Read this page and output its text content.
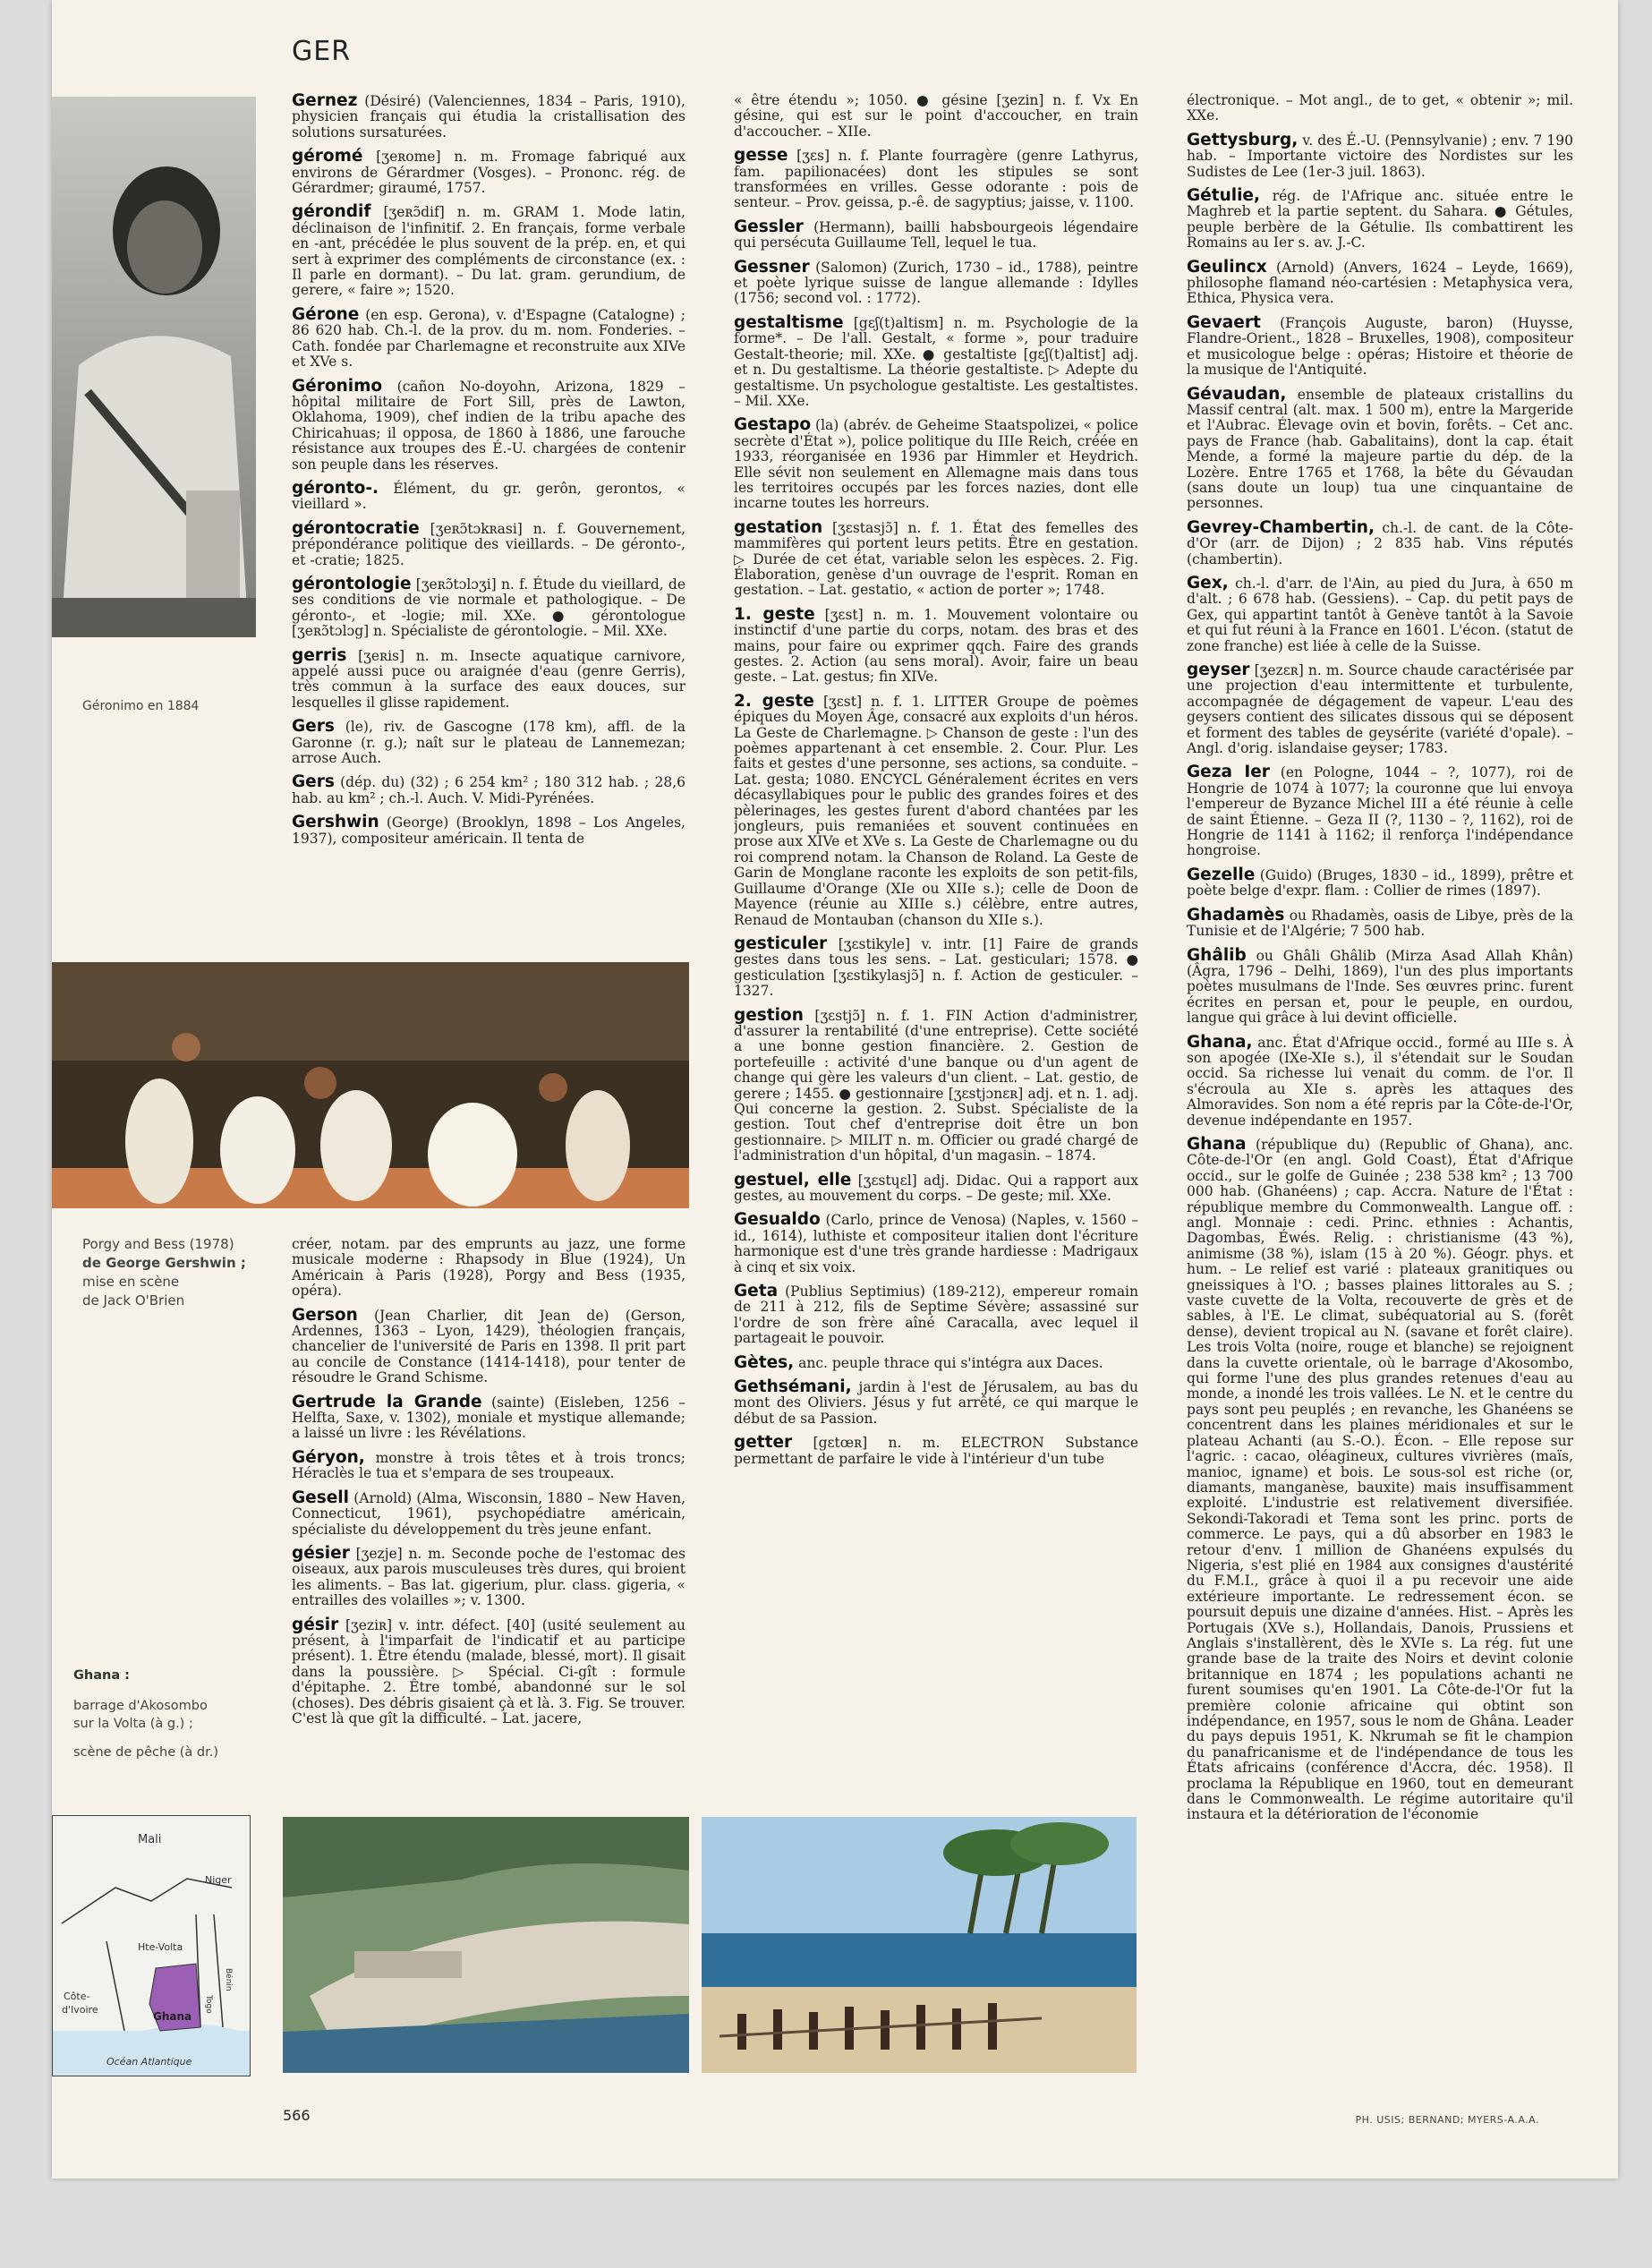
GER
Géronimo en 1884
Porgy and Bess (1978)
de George Gershwin ;
mise en scène
de Jack O'Brien
Ghana :
barrage d'Akosombo
sur la Volta (à g.) ;
scène de pêche (à dr.)
Mali
Niger
Hte-Volta
Côte-
d'Ivoire
Ghana
Togo
Bénin
Océan Atlantique

Gernez (Désiré) (Valenciennes, 1834 – Paris, 1910), physicien français qui étudia la cristallisation des solutions sursaturées.

géromé [ʒeʀome] n. m. Fromage fabriqué aux environs de Gérardmer (Vosges). – Prononc. rég. de Gérardmer; giraumé, 1757.

gérondif [ʒeʀɔ̃dif] n. m. GRAM 1. Mode latin, déclinaison de l'infinitif. 2. En français, forme verbale en -ant, précédée le plus souvent de la prép. en, et qui sert à exprimer des compléments de circonstance (ex. : Il parle en dormant). – Du lat. gram. gerundium, de gerere, « faire »; 1520.

Gérone (en esp. Gerona), v. d'Espagne (Catalogne) ; 86 620 hab. Ch.-l. de la prov. du m. nom. Fonderies. – Cath. fondée par Charlemagne et reconstruite aux XIVe et XVe s.

Géronimo (cañon No-doyohn, Arizona, 1829 – hôpital militaire de Fort Sill, près de Lawton, Oklahoma, 1909), chef indien de la tribu apache des Chiricahuas; il opposa, de 1860 à 1886, une farouche résistance aux troupes des É.-U. chargées de contenir son peuple dans les réserves.

géronto-. Élément, du gr. gerôn, gerontos, « vieillard ».

gérontocratie [ʒeʀɔ̃tɔkʀasi] n. f. Gouvernement, prépondérance politique des vieillards. – De géronto-, et -cratie; 1825.

gérontologie [ʒeʀɔ̃tɔlɔʒi] n. f. Étude du vieillard, de ses conditions de vie normale et pathologique. – De géronto-, et -logie; mil. XXe. ● gérontologue [ʒeʀɔ̃tɔlɔg] n. Spécialiste de gérontologie. – Mil. XXe.

gerris [ʒeʀis] n. m. Insecte aquatique carnivore, appelé aussi puce ou araignée d'eau (genre Gerris), très commun à la surface des eaux douces, sur lesquelles il glisse rapidement.

Gers (le), riv. de Gascogne (178 km), affl. de la Garonne (r. g.); naît sur le plateau de Lannemezan; arrose Auch.

Gers (dép. du) (32) ; 6 254 km² ; 180 312 hab. ; 28,6 hab. au km² ; ch.-l. Auch. V. Midi-Pyrénées.

Gershwin (George) (Brooklyn, 1898 – Los Angeles, 1937), compositeur américain. Il tenta de

créer, notam. par des emprunts au jazz, une forme musicale moderne : Rhapsody in Blue (1924), Un Américain à Paris (1928), Porgy and Bess (1935, opéra).

Gerson (Jean Charlier, dit Jean de) (Gerson, Ardennes, 1363 – Lyon, 1429), théologien français, chancelier de l'université de Paris en 1398. Il prit part au concile de Constance (1414-1418), pour tenter de résoudre le Grand Schisme.

Gertrude la Grande (sainte) (Eisleben, 1256 – Helfta, Saxe, v. 1302), moniale et mystique allemande; a laissé un livre : les Révélations.

Géryon, monstre à trois têtes et à trois troncs; Héraclès le tua et s'empara de ses troupeaux.

Gesell (Arnold) (Alma, Wisconsin, 1880 – New Haven, Connecticut, 1961), psychopédiatre américain, spécialiste du développement du très jeune enfant.

gésier [ʒezje] n. m. Seconde poche de l'estomac des oiseaux, aux parois musculeuses très dures, qui broient les aliments. – Bas lat. gigerium, plur. class. gigeria, « entrailles des volailles »; v. 1300.

gésir [ʒeziʀ] v. intr. défect. [40] (usité seulement au présent, à l'imparfait de l'indicatif et au participe présent). 1. Être étendu (malade, blessé, mort). Il gisait dans la poussière. ▷ Spécial. Ci-gît : formule d'épitaphe. 2. Être tombé, abandonné sur le sol (choses). Des débris gisaient çà et là. 3. Fig. Se trouver. C'est là que gît la difficulté. – Lat. jacere,

« être étendu »; 1050. ● gésine [ʒezin] n. f. Vx En gésine, qui est sur le point d'accoucher, en train d'accoucher. – XIIe.

gesse [ʒɛs] n. f. Plante fourragère (genre Lathyrus, fam. papilionacées) dont les stipules se sont transformées en vrilles. Gesse odorante : pois de senteur. – Prov. geissa, p.-ê. de sagyptius; jaisse, v. 1100.

Gessler (Hermann), bailli habsbourgeois légendaire qui persécuta Guillaume Tell, lequel le tua.

Gessner (Salomon) (Zurich, 1730 – id., 1788), peintre et poète lyrique suisse de langue allemande : Idylles (1756; second vol. : 1772).

gestaltisme [gɛʃ(t)altism] n. m. Psychologie de la forme*. – De l'all. Gestalt, « forme », pour traduire Gestalt-theorie; mil. XXe. ● gestaltiste [gɛʃ(t)altist] adj. et n. Du gestaltisme. La théorie gestaltiste. ▷ Adepte du gestaltisme. Un psychologue gestaltiste. Les gestaltistes. – Mil. XXe.

Gestapo (la) (abrév. de Geheime Staatspolizei, « police secrète d'État »), police politique du IIIe Reich, créée en 1933, réorganisée en 1936 par Himmler et Heydrich. Elle sévit non seulement en Allemagne mais dans tous les territoires occupés par les forces nazies, dont elle incarne toutes les horreurs.

gestation [ʒɛstasjɔ̃] n. f. 1. État des femelles des mammifères qui portent leurs petits. Être en gestation. ▷ Durée de cet état, variable selon les espèces. 2. Fig. Élaboration, genèse d'un ouvrage de l'esprit. Roman en gestation. – Lat. gestatio, « action de porter »; 1748.

1. geste [ʒɛst] n. m. 1. Mouvement volontaire ou instinctif d'une partie du corps, notam. des bras et des mains, pour faire ou exprimer qqch. Faire des grands gestes. 2. Action (au sens moral). Avoir, faire un beau geste. – Lat. gestus; fin XIVe.

2. geste [ʒɛst] n. f. 1. LITTER Groupe de poèmes épiques du Moyen Âge, consacré aux exploits d'un héros. La Geste de Charlemagne. ▷ Chanson de geste : l'un des poèmes appartenant à cet ensemble. 2. Cour. Plur. Les faits et gestes d'une personne, ses actions, sa conduite. – Lat. gesta; 1080. ENCYCL Généralement écrites en vers décasyllabiques pour le public des grandes foires et des pèlerinages, les gestes furent d'abord chantées par les jongleurs, puis remaniées et souvent continuées en prose aux XIVe et XVe s. La Geste de Charlemagne ou du roi comprend notam. la Chanson de Roland. La Geste de Garin de Monglane raconte les exploits de son petit-fils, Guillaume d'Orange (XIe ou XIIe s.); celle de Doon de Mayence (réunie au XIIIe s.) célèbre, entre autres, Renaud de Montauban (chanson du XIIe s.).

gesticuler [ʒɛstikyle] v. intr. [1] Faire de grands gestes dans tous les sens. – Lat. gesticulari; 1578. ● gesticulation [ʒɛstikylasjɔ̃] n. f. Action de gesticuler. – 1327.

gestion [ʒɛstjɔ̃] n. f. 1. FIN Action d'administrer, d'assurer la rentabilité (d'une entreprise). Cette société a une bonne gestion financière. 2. Gestion de portefeuille : activité d'une banque ou d'un agent de change qui gère les valeurs d'un client. – Lat. gestio, de gerere ; 1455. ● gestionnaire [ʒɛstjɔnɛʀ] adj. et n. 1. adj. Qui concerne la gestion. 2. Subst. Spécialiste de la gestion. Tout chef d'entreprise doit être un bon gestionnaire. ▷ MILIT n. m. Officier ou gradé chargé de l'administration d'un hôpital, d'un magasin. – 1874.

gestuel, elle [ʒɛstɥɛl] adj. Didac. Qui a rapport aux gestes, au mouvement du corps. – De geste; mil. XXe.

Gesualdo (Carlo, prince de Venosa) (Naples, v. 1560 – id., 1614), luthiste et compositeur italien dont l'écriture harmonique est d'une très grande hardiesse : Madrigaux à cinq et six voix.

Geta (Publius Septimius) (189-212), empereur romain de 211 à 212, fils de Septime Sévère; assassiné sur l'ordre de son frère aîné Caracalla, avec lequel il partageait le pouvoir.

Gètes, anc. peuple thrace qui s'intégra aux Daces.

Gethsémani, jardin à l'est de Jérusalem, au bas du mont des Oliviers. Jésus y fut arrêté, ce qui marque le début de sa Passion.

getter [gɛtœʀ] n. m. ELECTRON Substance permettant de parfaire le vide à l'intérieur d'un tube

électronique. – Mot angl., de to get, « obtenir »; mil. XXe.

Gettysburg, v. des É.-U. (Pennsylvanie) ; env. 7 190 hab. – Importante victoire des Nordistes sur les Sudistes de Lee (1er-3 juil. 1863).

Gétulie, rég. de l'Afrique anc. située entre le Maghreb et la partie septent. du Sahara. ● Gétules, peuple berbère de la Gétulie. Ils combattirent les Romains au Ier s. av. J.-C.

Geulincx (Arnold) (Anvers, 1624 – Leyde, 1669), philosophe flamand néo-cartésien : Metaphysica vera, Ethica, Physica vera.

Gevaert (François Auguste, baron) (Huysse, Flandre-Orient., 1828 – Bruxelles, 1908), compositeur et musicologue belge : opéras; Histoire et théorie de la musique de l'Antiquité.

Gévaudan, ensemble de plateaux cristallins du Massif central (alt. max. 1 500 m), entre la Margeride et l'Aubrac. Élevage ovin et bovin, forêts. – Cet anc. pays de France (hab. Gabalitains), dont la cap. était Mende, a formé la majeure partie du dép. de la Lozère. Entre 1765 et 1768, la bête du Gévaudan (sans doute un loup) tua une cinquantaine de personnes.

Gevrey-Chambertin, ch.-l. de cant. de la Côte-d'Or (arr. de Dijon) ; 2 835 hab. Vins réputés (chambertin).

Gex, ch.-l. d'arr. de l'Ain, au pied du Jura, à 650 m d'alt. ; 6 678 hab. (Gessiens). – Cap. du petit pays de Gex, qui appartint tantôt à Genève tantôt à la Savoie et qui fut réuni à la France en 1601. L'écon. (statut de zone franche) est liée à celle de la Suisse.

geyser [ʒezɛʀ] n. m. Source chaude caractérisée par une projection d'eau intermittente et turbulente, accompagnée de dégagement de vapeur. L'eau des geysers contient des silicates dissous qui se déposent et forment des tables de geysérite (variété d'opale). – Angl. d'orig. islandaise geyser; 1783.

Geza Ier (en Pologne, 1044 – ?, 1077), roi de Hongrie de 1074 à 1077; la couronne que lui envoya l'empereur de Byzance Michel III a été réunie à celle de saint Étienne. – Geza II (?, 1130 – ?, 1162), roi de Hongrie de 1141 à 1162; il renforça l'indépendance hongroise.

Gezelle (Guido) (Bruges, 1830 – id., 1899), prêtre et poète belge d'expr. flam. : Collier de rimes (1897).

Ghadamès ou Rhadamès, oasis de Libye, près de la Tunisie et de l'Algérie; 7 500 hab.

Ghâlib ou Ghâli Ghâlib (Mirza Asad Allah Khân) (Âgra, 1796 – Delhi, 1869), l'un des plus importants poètes musulmans de l'Inde. Ses œuvres princ. furent écrites en persan et, pour le peuple, en ourdou, langue qui grâce à lui devint officielle.

Ghana, anc. État d'Afrique occid., formé au IIIe s. À son apogée (IXe-XIe s.), il s'étendait sur le Soudan occid. Sa richesse lui venait du comm. de l'or. Il s'écroula au XIe s. après les attaques des Almoravides. Son nom a été repris par la Côte-de-l'Or, devenue indépendante en 1957.

Ghana (république du) (Republic of Ghana), anc. Côte-de-l'Or (en angl. Gold Coast), État d'Afrique occid., sur le golfe de Guinée ; 238 538 km² ; 13 700 000 hab. (Ghanéens) ; cap. Accra. Nature de l'État : république membre du Commonwealth. Langue off. : angl. Monnaie : cedi. Princ. ethnies : Achantis, Dagombas, Éwés. Relig. : christianisme (43 %), animisme (38 %), islam (15 à 20 %). Géogr. phys. et hum. – Le relief est varié : plateaux granitiques ou gneissiques à l'O. ; basses plaines littorales au S. ; vaste cuvette de la Volta, recouverte de grès et de sables, à l'E. Le climat, subéquatorial au S. (forêt dense), devient tropical au N. (savane et forêt claire). Les trois Volta (noire, rouge et blanche) se rejoignent dans la cuvette orientale, où le barrage d'Akosombo, qui forme l'une des plus grandes retenues d'eau au monde, a inondé les trois vallées. Le N. et le centre du pays sont peu peuplés ; en revanche, les Ghanéens se concentrent dans les plaines méridionales et sur le plateau Achanti (au S.-O.). Écon. – Elle repose sur l'agric. : cacao, oléagineux, cultures vivrières (maïs, manioc, igname) et bois. Le sous-sol est riche (or, diamants, manganèse, bauxite) mais insuffisamment exploité. L'industrie est relativement diversifiée. Sekondi-Takoradi et Tema sont les princ. ports de commerce. Le pays, qui a dû absorber en 1983 le retour d'env. 1 million de Ghanéens expulsés du Nigeria, s'est plié en 1984 aux consignes d'austérité du F.M.I., grâce à quoi il a pu recevoir une aide extérieure importante. Le redressement écon. se poursuit depuis une dizaine d'années. Hist. – Après les Portugais (XVe s.), Hollandais, Danois, Prussiens et Anglais s'installèrent, dès le XVIe s. La rég. fut une grande base de la traite des Noirs et devint colonie britannique en 1874 ; les populations achanti ne furent soumises qu'en 1901. La Côte-de-l'Or fut la première colonie africaine qui obtint son indépendance, en 1957, sous le nom de Ghâna. Leader du pays depuis 1951, K. Nkrumah se fit le champion du panafricanisme et de l'indépendance de tous les États africains (conférence d'Accra, déc. 1958). Il proclama la République en 1960, tout en demeurant dans le Commonwealth. Le régime autoritaire qu'il instaura et la détérioration de l'économie

566	PH. USIS; BERNAND; MYERS-A.A.A.
